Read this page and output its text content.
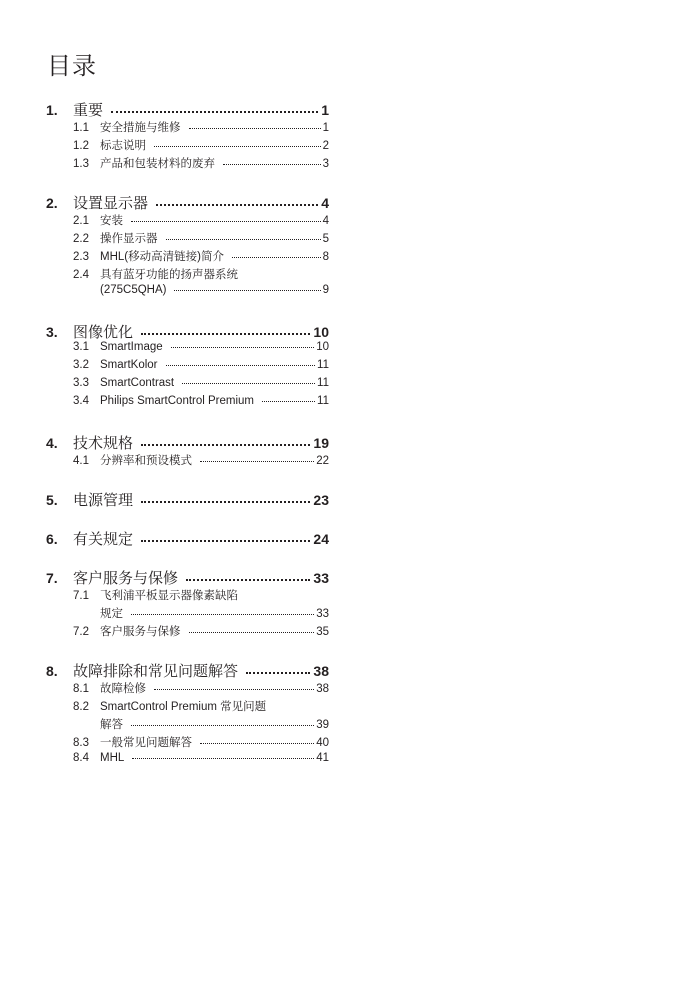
目录
1.	重要	1
1.1 安全措施与维修	1
1.2 标志说明	2
1.3 产品和包装材料的废弃	3
2.	设置显示器	4
2.1 安装	4
2.2 操作显示器	5
2.3 MHL(移动高清链接)简介	8
2.4 具有蓝牙功能的扬声器系统
(275C5QHA)	9
3.	图像优化	10
3.1 SmartImage	10
3.2 SmartKolor	11
3.3 SmartContrast	11
3.4 Philips SmartControl Premium	11
4.	技术规格	19
4.1 分辨率和预设模式	22
5.	电源管理	23
6.	有关规定	24
7.	客户服务与保修	33
7.1 飞利浦平板显示器像素缺陷
规定	33
7.2 客户服务与保修	35
8.	故障排除和常见问题解答	38
8.1 故障检修	38
8.2 SmartControl Premium 常见问题
解答	39
8.3 一般常见问题解答	40
8.4 MHL	41
